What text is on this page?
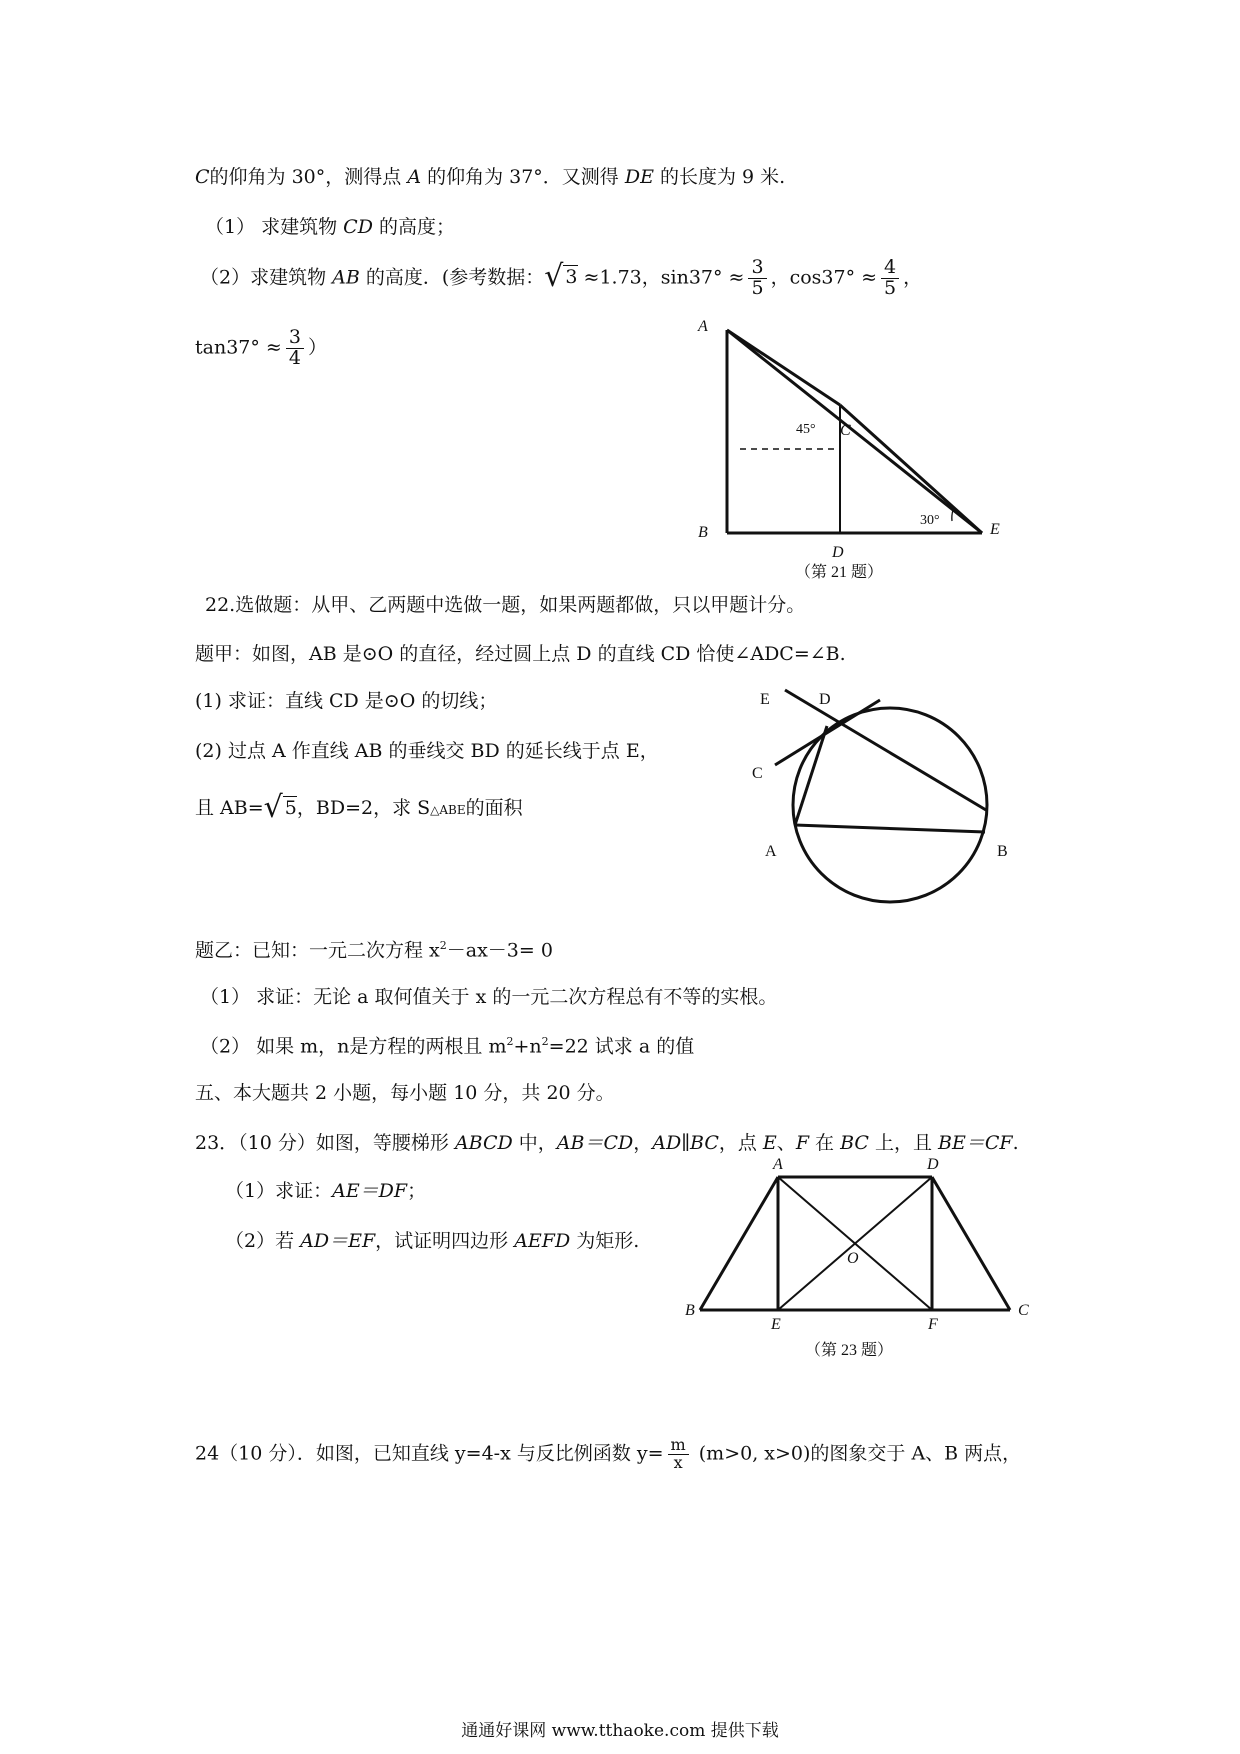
C的仰角为 30°，测得点 A 的仰角为 37°．又测得 DE 的长度为 9 米.
（1） 求建筑物 CD 的高度；
（2）求建筑物 AB 的高度．(参考数据：√ 3 ≈1.73，$\sin 37^\circ \approx \frac{3}{5}$ ，$\cos 37^\circ \approx \frac{4}{5}$ ，
$\tan 37^\circ \approx \frac{3}{4}$ ）
A
B
C
D
E
45°
30°
（第 21 题）
22.选做题：从甲、乙两题中选做一题，如果两题都做，只以甲题计分。
题甲：如图，AB 是⊙O 的直径，经过圆上点 D 的直线 CD 恰使∠ADC=∠B.
(1) 求证：直线 CD 是⊙O 的切线；
(2) 过点 A 作直线 AB 的垂线交 BD 的延长线于点 E，
且 AB=√ 5，BD=2，求 S△ABE的面积
E	D
C
A	B
题乙：已知：一元二次方程 $x^2-ax-3= 0$
（1） 求证：无论 a 取何值关于 x 的一元二次方程总有不等的实根。
（2） 如果 m，n是方程的两根且 $m^2+n^2=22$ 试求 a 的值
五、本大题共 2 小题，每小题 10 分，共 20 分。
23．（10 分）如图，等腰梯形 ABCD 中，AB＝CD，AD∥BC，点 E、F 在 BC 上，且 BE＝CF.
（1）求证：AE＝DF；
（2）若 AD＝EF，试证明四边形 AEFD 为矩形.
A	D
B	C
E	F
O
（第 23 题）
24（10 分）．如图，已知直线 y=4-x 与反比例函数 $y= \frac{m}{x} (m>0$, x>0)的图象交于 A、B 两点，
通通好课网 www.tthaoke.com 提供下载
